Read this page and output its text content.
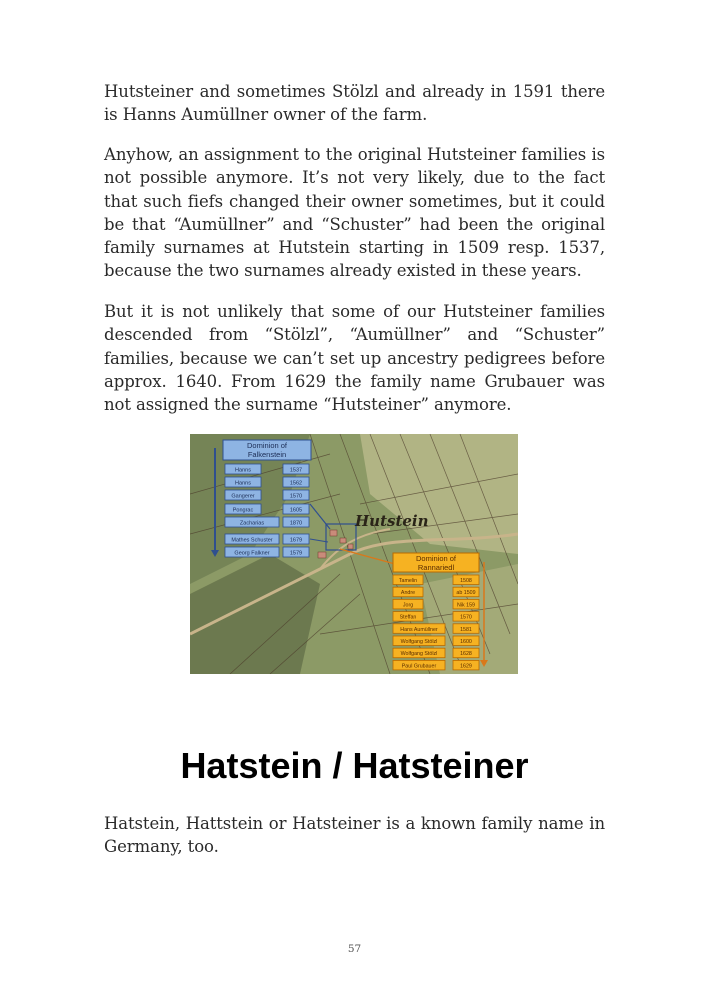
Hutsteiner and sometimes Stölzl and already in 1591 there is Hanns Aumüllner owner of the farm.

Anyhow, an assignment to the original Hutsteiner families is not possible anymore. It’s not very likely, due to the fact that such fiefs changed their owner sometimes, but it could be that “Aumüllner” and “Schuster” had been the original family surnames at Hutstein starting in 1509 resp. 1537, because the two surnames already existed in these years.

But it is not unlikely that some of our Hutsteiner families descended from “Stölzl”, “Aumüllner” and “Schuster” families, because we can’t set up ancestry pedigrees before approx. 1640. From 1629 the family name Grubauer was not assigned the surname “Hutsteiner” anymore.

Hutstein
Dominion of
Falkenstein
Hanns	1537
Hanns	1562
Gangerer	1570
Pongrac	1605
Zacharias	1870
Mathes Schuster	1679
Georg Falkner	1579
Dominion of
Rannariedl
Tamelin	1508
Andre	ab 1509
Jorg	Nik 159
Steffan	1570
Hans Aumüllner	1581
Wolfgang Stölzl	1600
Wolfgang Stölzl	1628
Paul Grubauer	1629
Hatstein / Hatsteiner

Hatstein, Hattstein or Hatsteiner is a known family name in Germany, too.

57
